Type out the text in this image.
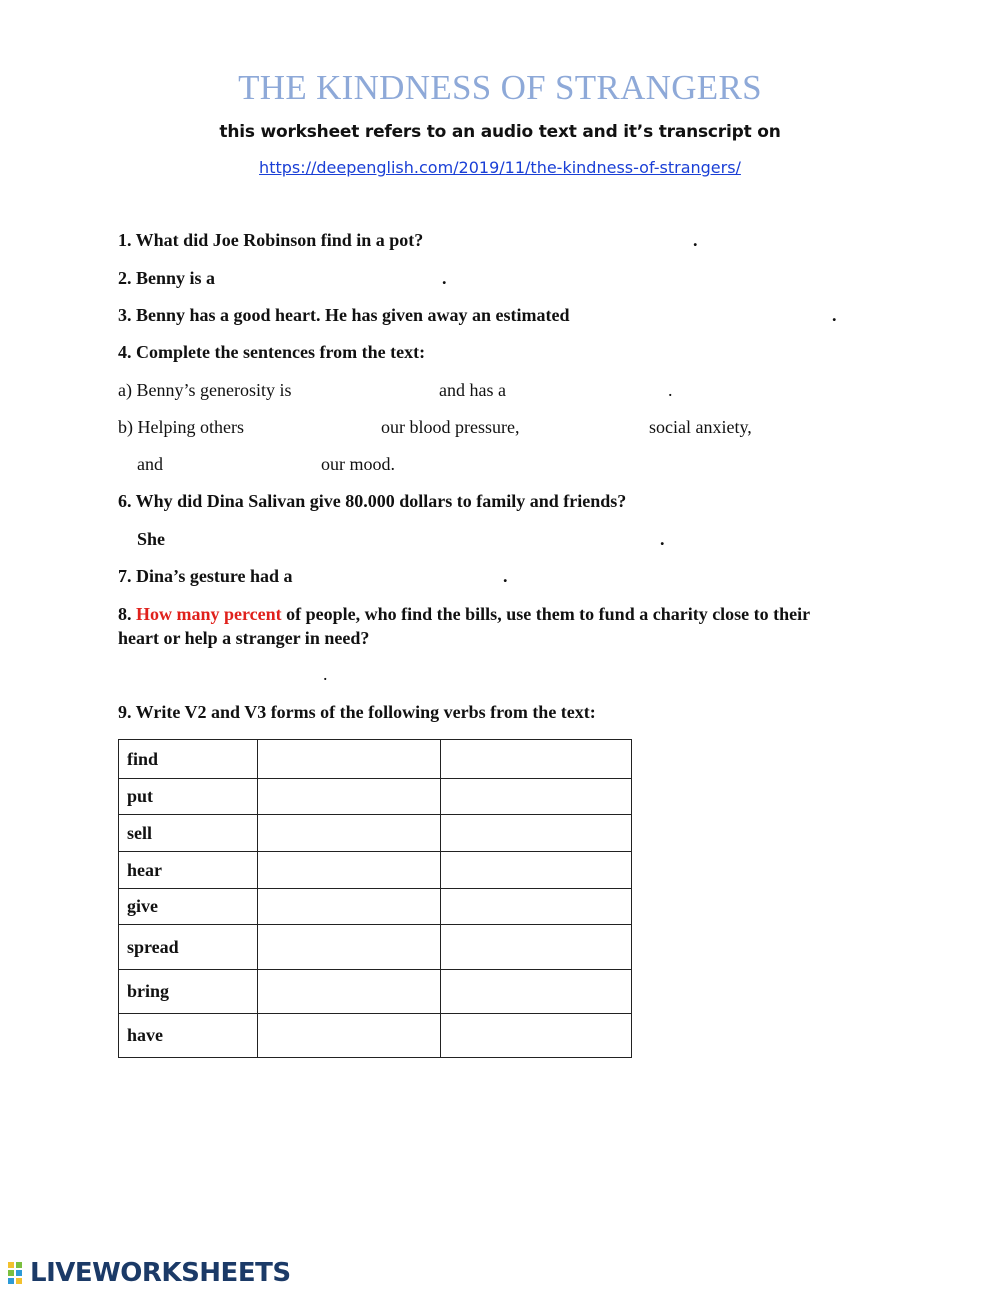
THE KINDNESS OF STRANGERS
this worksheet refers to an audio text and it’s transcript on
https://deepenglish.com/2019/11/the-kindness-of-strangers/
1. What did Joe Robinson find in a pot?	.
2. Benny is a	.
3. Benny has a good heart. He has given away an estimated	.
4. Complete the sentences from the text:
a) Benny’s generosity is	and has a	.
b) Helping others	our blood pressure,	social anxiety,
and	our mood.
6. Why did Dina Salivan give 80.000 dollars to family and friends?
She	.
7. Dina’s gesture had a	.
8. How many percent of people, who find the bills, use them to fund a charity close to their
heart or help a stranger in need?
.
9. Write V2 and V3 forms of the following verbs from the text:
find		
put		
sell		
hear		
give		
spread		
bring		
have		
LIVEWORKSHEETS
